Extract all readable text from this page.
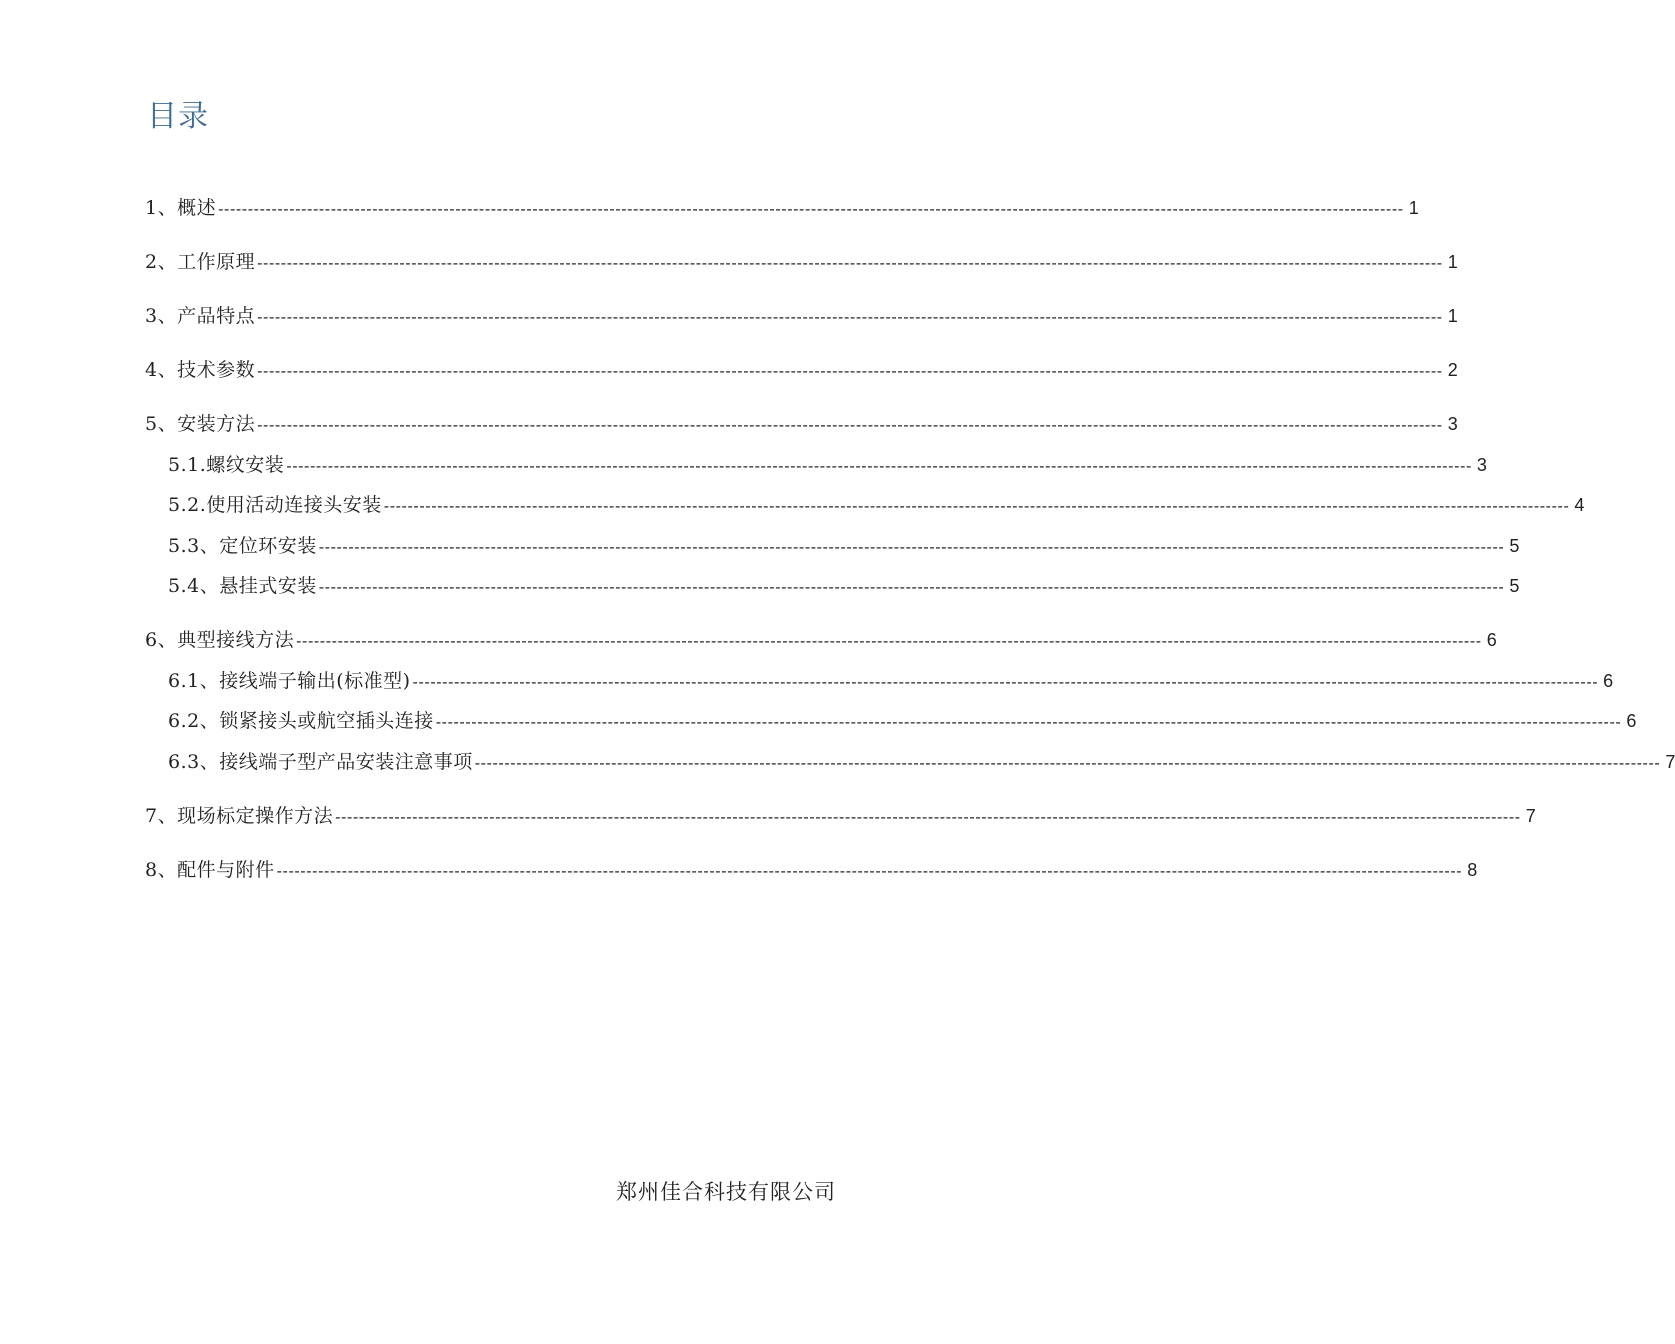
目录
1、概述 -------------------------------------------------------------------------------------------------------------------------------------------------------------------------------------------------------- 1
2、工作原理 -------------------------------------------------------------------------------------------------------------------------------------------------------------------------------------------------------- 1
3、产品特点 -------------------------------------------------------------------------------------------------------------------------------------------------------------------------------------------------------- 1
4、技术参数 -------------------------------------------------------------------------------------------------------------------------------------------------------------------------------------------------------- 2
5、安装方法 -------------------------------------------------------------------------------------------------------------------------------------------------------------------------------------------------------- 3
5.1.螺纹安装 -------------------------------------------------------------------------------------------------------------------------------------------------------------------------------------------------------- 3
5.2.使用活动连接头安装 -------------------------------------------------------------------------------------------------------------------------------------------------------------------------------------------------------- 4
5.3、定位环安装 -------------------------------------------------------------------------------------------------------------------------------------------------------------------------------------------------------- 5
5.4、悬挂式安装 -------------------------------------------------------------------------------------------------------------------------------------------------------------------------------------------------------- 5
6、典型接线方法 -------------------------------------------------------------------------------------------------------------------------------------------------------------------------------------------------------- 6
6.1、接线端子输出(标准型) -------------------------------------------------------------------------------------------------------------------------------------------------------------------------------------------------------- 6
6.2、锁紧接头或航空插头连接 -------------------------------------------------------------------------------------------------------------------------------------------------------------------------------------------------------- 6
6.3、接线端子型产品安装注意事项 -------------------------------------------------------------------------------------------------------------------------------------------------------------------------------------------------------- 7
7、现场标定操作方法 -------------------------------------------------------------------------------------------------------------------------------------------------------------------------------------------------------- 7
8、配件与附件 -------------------------------------------------------------------------------------------------------------------------------------------------------------------------------------------------------- 8
郑州佳合科技有限公司
